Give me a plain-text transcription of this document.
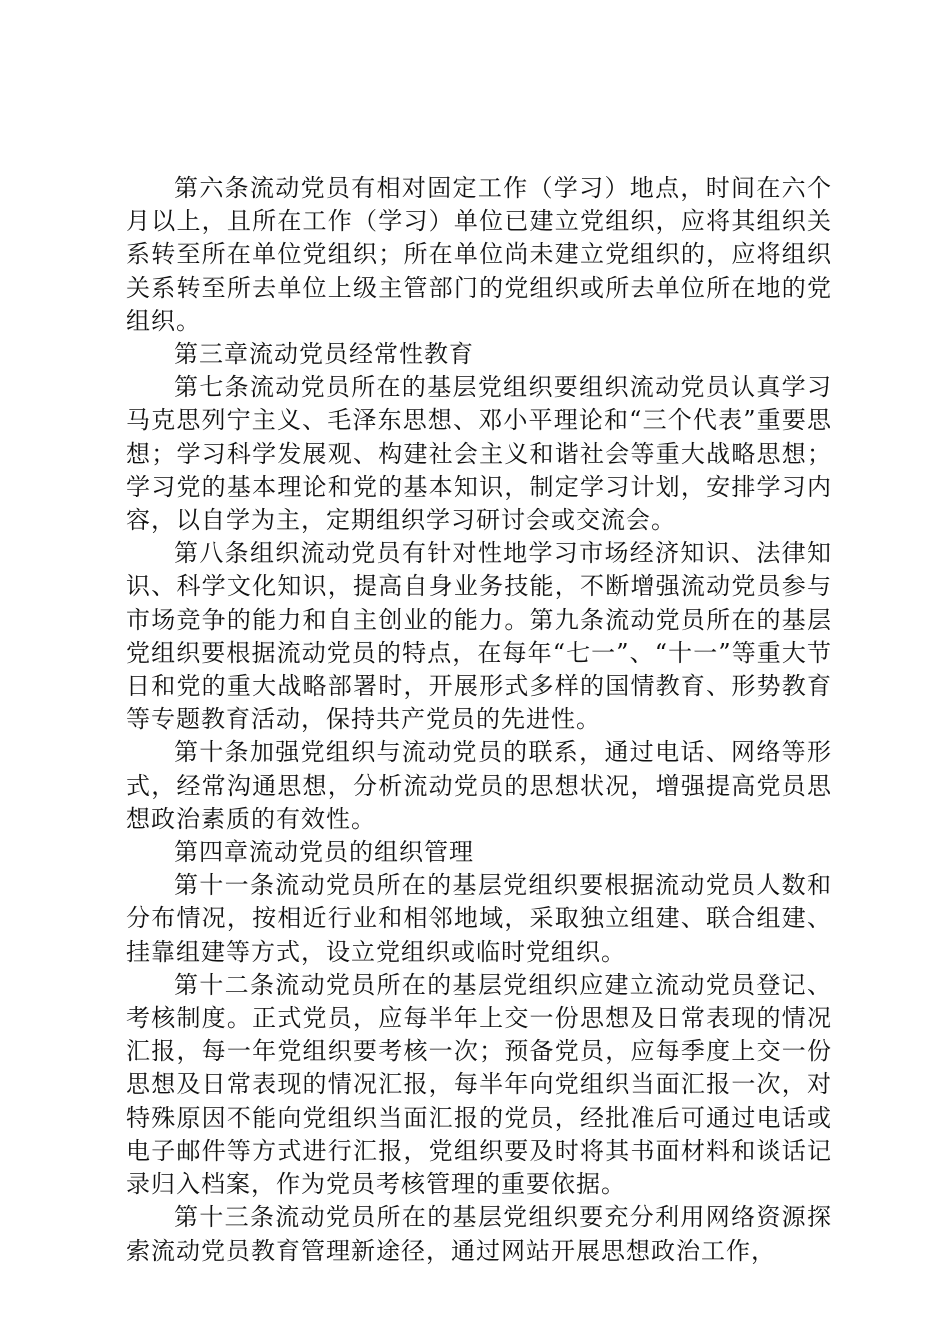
第六条流动党员有相对固定工作（学习）地点，时间在六个月以上，且所在工作（学习）单位已建立党组织，应将其组织关系转至所在单位党组织；所在单位尚未建立党组织的，应将组织关系转至所去单位上级主管部门的党组织或所去单位所在地的党组织。

第三章流动党员经常性教育

第七条流动党员所在的基层党组织要组织流动党员认真学习马克思列宁主义、毛泽东思想、邓小平理论和“三个代表”重要思想；学习科学发展观、构建社会主义和谐社会等重大战略思想；学习党的基本理论和党的基本知识，制定学习计划，安排学习内容，以自学为主，定期组织学习研讨会或交流会。

第八条组织流动党员有针对性地学习市场经济知识、法律知识、科学文化知识，提高自身业务技能，不断增强流动党员参与市场竞争的能力和自主创业的能力。第九条流动党员所在的基层党组织要根据流动党员的特点，在每年“七一”、“十一”等重大节日和党的重大战略部署时，开展形式多样的国情教育、形势教育等专题教育活动，保持共产党员的先进性。

第十条加强党组织与流动党员的联系，通过电话、网络等形式，经常沟通思想，分析流动党员的思想状况，增强提高党员思想政治素质的有效性。

第四章流动党员的组织管理

第十一条流动党员所在的基层党组织要根据流动党员人数和分布情况，按相近行业和相邻地域，采取独立组建、联合组建、挂靠组建等方式，设立党组织或临时党组织。

第十二条流动党员所在的基层党组织应建立流动党员登记、考核制度。正式党员，应每半年上交一份思想及日常表现的情况汇报，每一年党组织要考核一次；预备党员，应每季度上交一份思想及日常表现的情况汇报，每半年向党组织当面汇报一次，对特殊原因不能向党组织当面汇报的党员，经批准后可通过电话或电子邮件等方式进行汇报，党组织要及时将其书面材料和谈话记录归入档案，作为党员考核管理的重要依据。

第十三条流动党员所在的基层党组织要充分利用网络资源探索流动党员教育管理新途径，通过网站开展思想政治工作，
